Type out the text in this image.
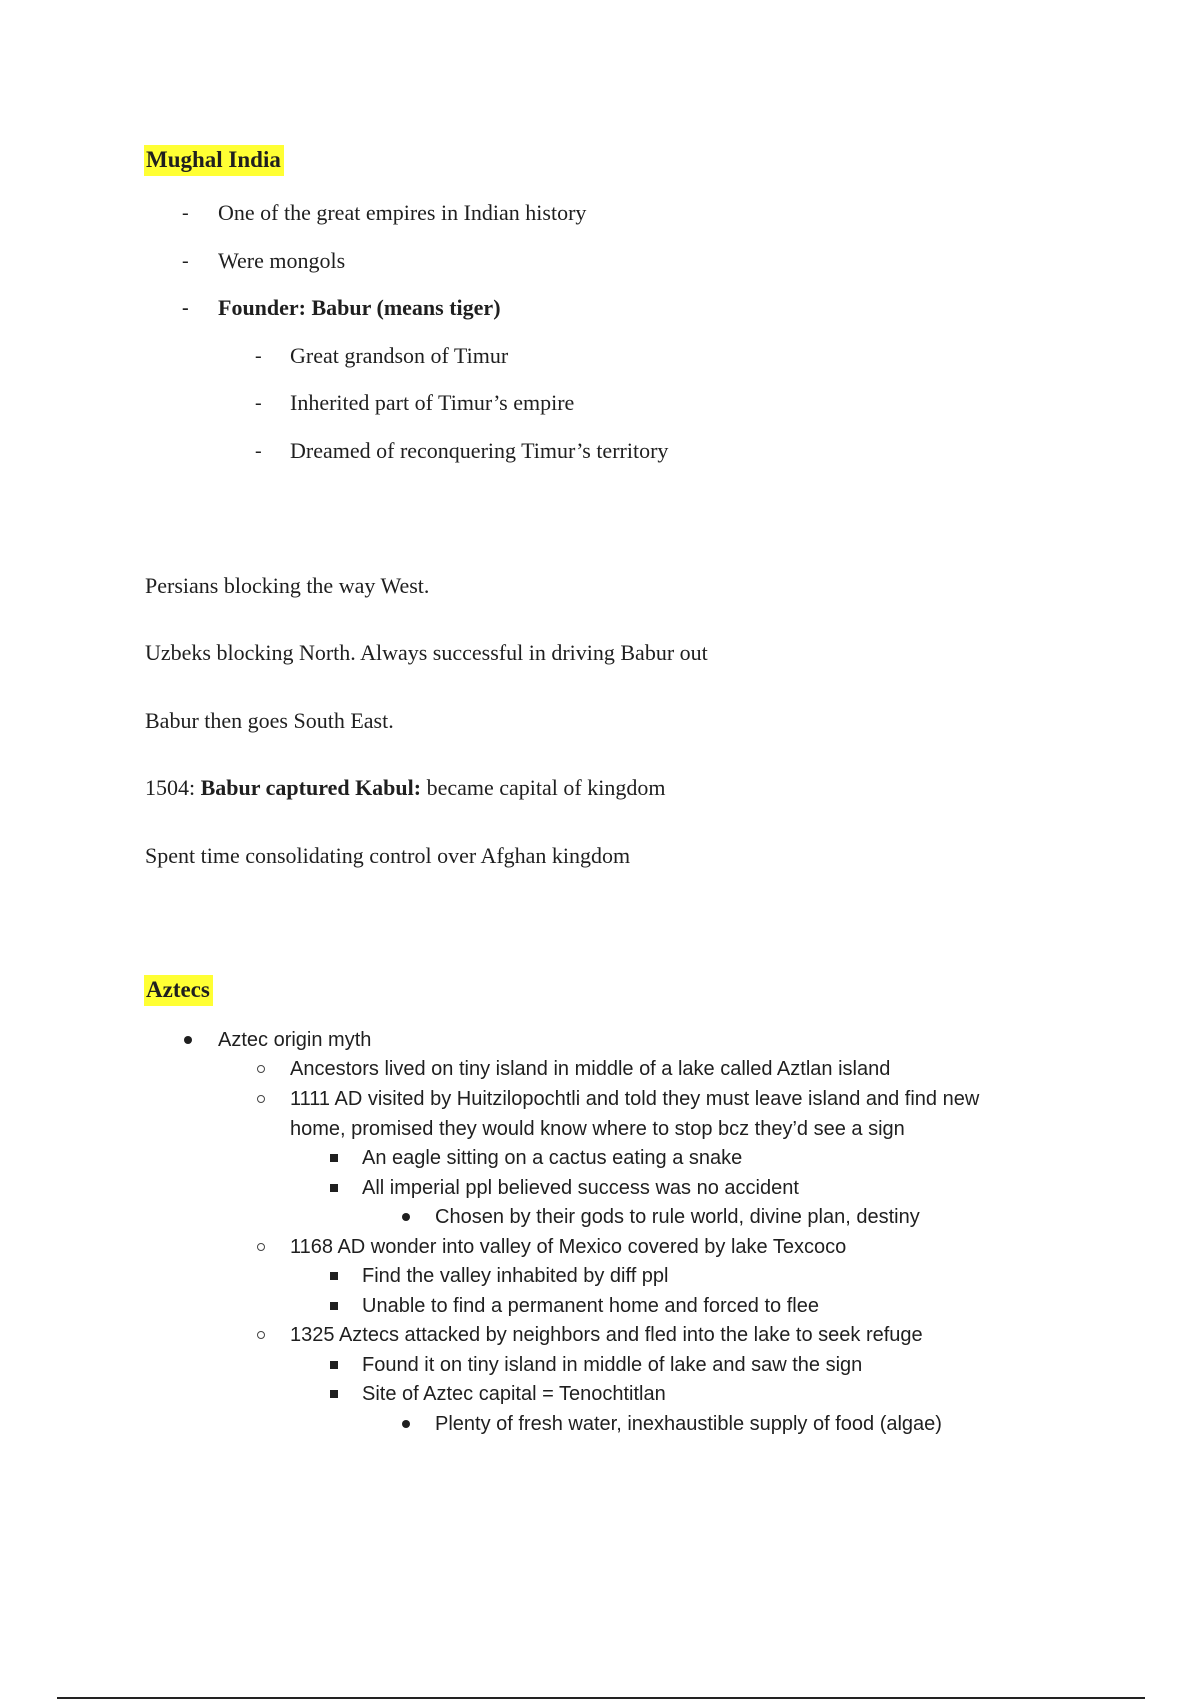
Mughal India
- One of the great empires in Indian history
- Were mongols
- Founder: Babur (means tiger)
- Great grandson of Timur
- Inherited part of Timur’s empire
- Dreamed of reconquering Timur’s territory
Persians blocking the way West.
Uzbeks blocking North. Always successful in driving Babur out
Babur then goes South East.
1504: Babur captured Kabul: became capital of kingdom
Spent time consolidating control over Afghan kingdom
Aztecs
Aztec origin myth
Ancestors lived on tiny island in middle of a lake called Aztlan island
1111 AD visited by Huitzilopochtli and told they must leave island and find new
home, promised they would know where to stop bcz they’d see a sign
An eagle sitting on a cactus eating a snake
All imperial ppl believed success was no accident
Chosen by their gods to rule world, divine plan, destiny
1168 AD wonder into valley of Mexico covered by lake Texcoco
Find the valley inhabited by diff ppl
Unable to find a permanent home and forced to flee
1325 Aztecs attacked by neighbors and fled into the lake to seek refuge
Found it on tiny island in middle of lake and saw the sign
Site of Aztec capital = Tenochtitlan
Plenty of fresh water, inexhaustible supply of food (algae)
